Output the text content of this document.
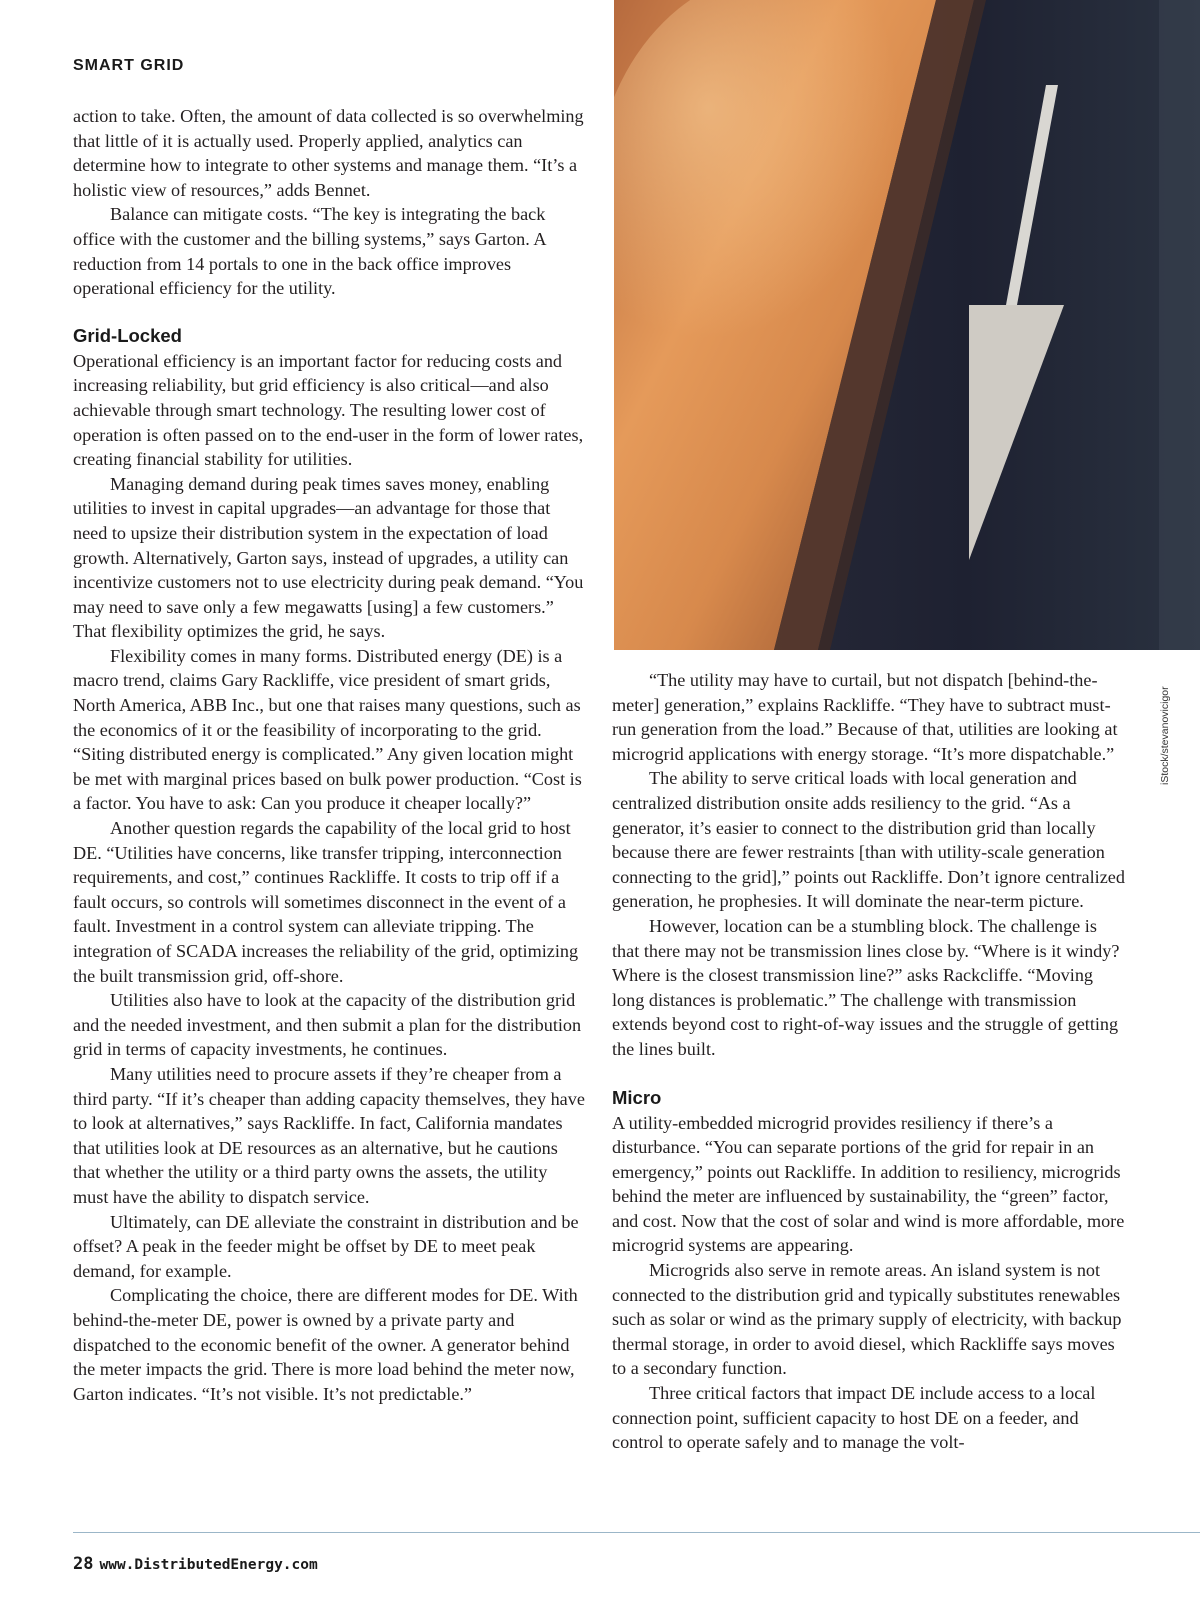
SMART GRID

action to take. Often, the amount of data collected is so overwhelming that little of it is actually used. Properly applied, analytics can determine how to integrate to other systems and manage them. “It’s a holistic view of resources,” adds Bennet.

Balance can mitigate costs. “The key is integrating the back office with the customer and the billing systems,” says Garton. A reduction from 14 portals to one in the back office improves operational efficiency for the utility.

Grid-Locked

Operational efficiency is an important factor for reducing costs and increasing reliability, but grid efficiency is also critical—and also achievable through smart technology. The resulting lower cost of operation is often passed on to the end-user in the form of lower rates, creating financial stability for utilities.

Managing demand during peak times saves money, enabling utilities to invest in capital upgrades—an advantage for those that need to upsize their distribution system in the expectation of load growth. Alternatively, Garton says, instead of upgrades, a utility can incentivize customers not to use electricity during peak demand. “You may need to save only a few megawatts [using] a few customers.” That flexibility optimizes the grid, he says.

Flexibility comes in many forms. Distributed energy (DE) is a macro trend, claims Gary Rackliffe, vice president of smart grids, North America, ABB Inc., but one that raises many questions, such as the economics of it or the feasibility of incorporating to the grid. “Siting distributed energy is complicated.” Any given location might be met with marginal prices based on bulk power production. “Cost is a factor. You have to ask: Can you produce it cheaper locally?”

Another question regards the capability of the local grid to host DE. “Utilities have concerns, like transfer tripping, interconnection requirements, and cost,” continues Rackliffe. It costs to trip off if a fault occurs, so controls will sometimes disconnect in the event of a fault. Investment in a control system can alleviate tripping. The integration of SCADA increases the reliability of the grid, optimizing the built transmission grid, off-shore.

Utilities also have to look at the capacity of the distribution grid and the needed investment, and then submit a plan for the distribution grid in terms of capacity investments, he continues.

Many utilities need to procure assets if they’re cheaper from a third party. “If it’s cheaper than adding capacity themselves, they have to look at alternatives,” says Rackliffe. In fact, California mandates that utilities look at DE resources as an alternative, but he cautions that whether the utility or a third party owns the assets, the utility must have the ability to dispatch service.

Ultimately, can DE alleviate the constraint in distribution and be offset? A peak in the feeder might be offset by DE to meet peak demand, for example.

Complicating the choice, there are different modes for DE. With behind-the-meter DE, power is owned by a private party and dispatched to the economic benefit of the owner. A generator behind the meter impacts the grid. There is more load behind the meter now, Garton indicates. “It’s not visible. It’s not predictable.”

iStock/stevanovicigor

“The utility may have to curtail, but not dispatch [behind-the-meter] generation,” explains Rackliffe. “They have to subtract must-run generation from the load.” Because of that, utilities are looking at microgrid applications with energy storage. “It’s more dispatchable.”

The ability to serve critical loads with local generation and centralized distribution onsite adds resiliency to the grid. “As a generator, it’s easier to connect to the distribution grid than locally because there are fewer restraints [than with utility-scale generation connecting to the grid],” points out Rackliffe. Don’t ignore centralized generation, he prophesies. It will dominate the near-term picture.

However, location can be a stumbling block. The challenge is that there may not be transmission lines close by. “Where is it windy? Where is the closest transmission line?” asks Rackcliffe. “Moving long distances is problematic.” The challenge with transmission extends beyond cost to right-of-way issues and the struggle of getting the lines built.

Micro

A utility-embedded microgrid provides resiliency if there’s a disturbance. “You can separate portions of the grid for repair in an emergency,” points out Rackliffe. In addition to resiliency, microgrids behind the meter are influenced by sustainability, the “green” factor, and cost. Now that the cost of solar and wind is more affordable, more microgrid systems are appearing.

Microgrids also serve in remote areas. An island system is not connected to the distribution grid and typically substitutes renewables such as solar or wind as the primary supply of electricity, with backup thermal storage, in order to avoid diesel, which Rackliffe says moves to a secondary function.

Three critical factors that impact DE include access to a local connection point, sufficient capacity to host DE on a feeder, and control to operate safely and to manage the volt-

28 www.DistributedEnergy.com
